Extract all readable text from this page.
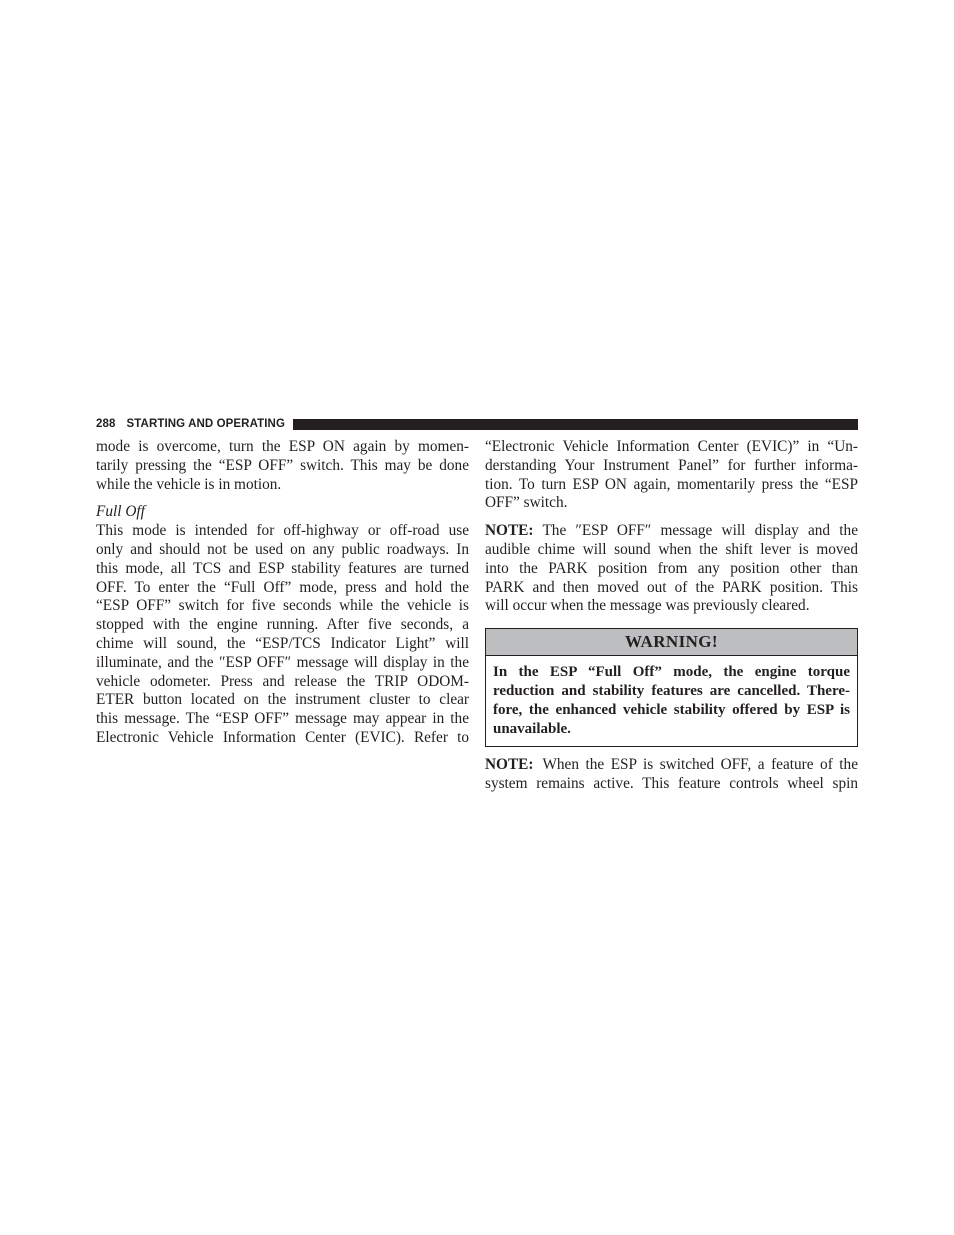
288 STARTING AND OPERATING

mode is overcome, turn the ESP ON again by momen-
tarily pressing the “ESP OFF” switch. This may be done
while the vehicle is in motion.

Full Off

This mode is intended for off-highway or off-road use
only and should not be used on any public roadways. In
this mode, all TCS and ESP stability features are turned
OFF. To enter the “Full Off” mode, press and hold the
“ESP OFF” switch for five seconds while the vehicle is
stopped with the engine running. After five seconds, a
chime will sound, the “ESP/TCS Indicator Light” will
illuminate, and the ″ESP OFF″ message will display in the
vehicle odometer. Press and release the TRIP ODOM-
ETER button located on the instrument cluster to clear
this message. The “ESP OFF” message may appear in the
Electronic Vehicle Information Center (EVIC). Refer to

“Electronic Vehicle Information Center (EVIC)” in “Un-
derstanding Your Instrument Panel” for further informa-
tion. To turn ESP ON again, momentarily press the “ESP
OFF” switch.

NOTE: The ″ESP OFF″ message will display and the
audible chime will sound when the shift lever is moved
into the PARK position from any position other than
PARK and then moved out of the PARK position. This
will occur when the message was previously cleared.

WARNING!
In the ESP “Full Off” mode, the engine torque
reduction and stability features are cancelled. There-
fore, the enhanced vehicle stability offered by ESP is
unavailable.

NOTE: When the ESP is switched OFF, a feature of the
system remains active. This feature controls wheel spin
